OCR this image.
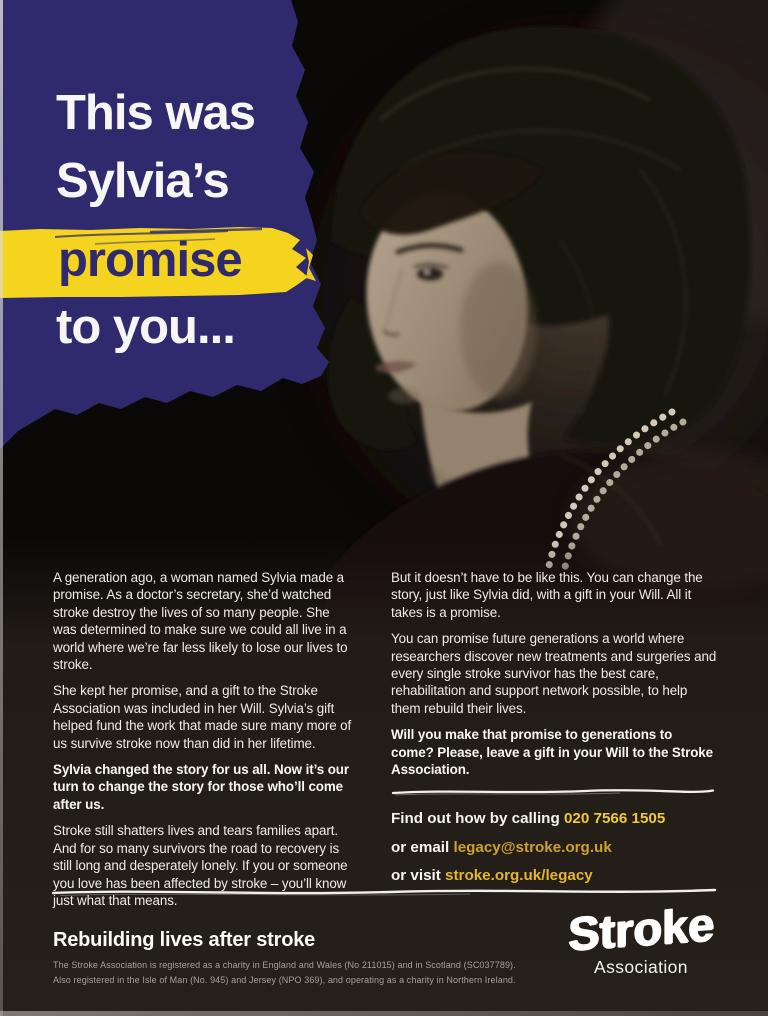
This was
Sylvia’s
promise
to you...

A generation ago, a woman named Sylvia made a promise. As a doctor’s secretary, she’d watched stroke destroy the lives of so many people. She was determined to make sure we could all live in a world where we’re far less likely to lose our lives to stroke.

She kept her promise, and a gift to the Stroke Association was included in her Will. Sylvia’s gift helped fund the work that made sure many more of us survive stroke now than did in her lifetime.

Sylvia changed the story for us all. Now it’s our turn to change the story for those who’ll come after us.

Stroke still shatters lives and tears families apart. And for so many survivors the road to recovery is still long and desperately lonely. If you or someone you love has been affected by stroke – you’ll know just what that means.

But it doesn’t have to be like this. You can change the story, just like Sylvia did, with a gift in your Will. All it takes is a promise.

You can promise future generations a world where researchers discover new treatments and surgeries and every single stroke survivor has the best care, rehabilitation and support network possible, to help them rebuild their lives.

Will you make that promise to generations to come? Please, leave a gift in your Will to the Stroke Association.

Find out how by calling 020 7566 1505
or email legacy@stroke.org.uk
or visit stroke.org.uk/legacy
Rebuilding lives after stroke
The Stroke Association is registered as a charity in England and Wales (No 211015) and in Scotland (SC037789).
Also registered in the Isle of Man (No. 945) and Jersey (NPO 369), and operating as a charity in Northern Ireland.
Stroke
Association
